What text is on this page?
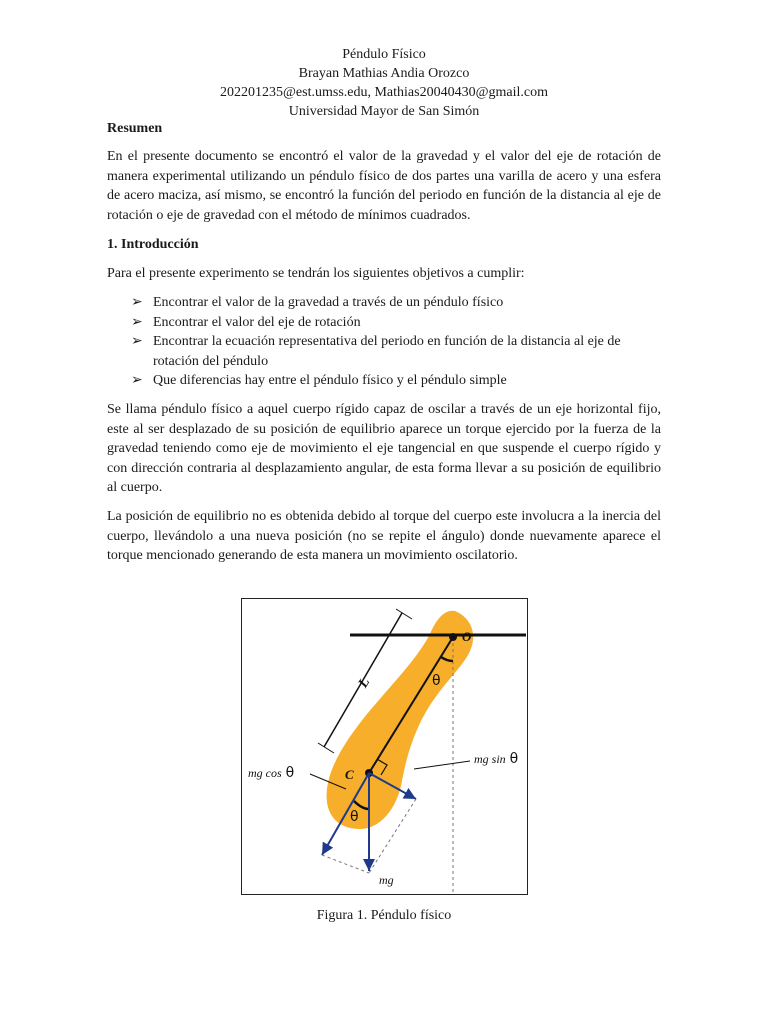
Péndulo Físico
Brayan Mathias Andia Orozco
202201235@est.umss.edu, Mathias20040430@gmail.com
Universidad Mayor de San Simón
Resumen
En el presente documento se encontró el valor de la gravedad y el valor del eje de rotación de manera experimental utilizando un péndulo físico de dos partes una varilla de acero y una esfera de acero maciza, así mismo, se encontró la función del periodo en función de la distancia al eje de rotación o eje de gravedad con el método de mínimos cuadrados.
1. Introducción
Para el presente experimento se tendrán los siguientes objetivos a cumplir:
➢ Encontrar el valor de la gravedad a través de un péndulo físico
➢ Encontrar el valor del eje de rotación
➢ Encontrar la ecuación representativa del periodo en función de la distancia al eje de rotación del péndulo
➢ Que diferencias hay entre el péndulo físico y el péndulo simple
Se llama péndulo físico a aquel cuerpo rígido capaz de oscilar a través de un eje horizontal fijo, este al ser desplazado de su posición de equilibrio aparece un torque ejercido por la fuerza de la gravedad teniendo como eje de movimiento el eje tangencial en que suspende el cuerpo rígido y con dirección contraria al desplazamiento angular, de esta forma llevar a su posición de equilibrio al cuerpo.
La posición de equilibrio no es obtenida debido al torque del cuerpo este involucra a la inercia del cuerpo, llevándolo a una nueva posición (no se repite el ángulo) donde nuevamente aparece el torque mencionado generando de esta manera un movimiento oscilatorio.
O
C
L	θ
θ
mg cos θ
mg sin θ
mg
Figura 1. Péndulo físico
